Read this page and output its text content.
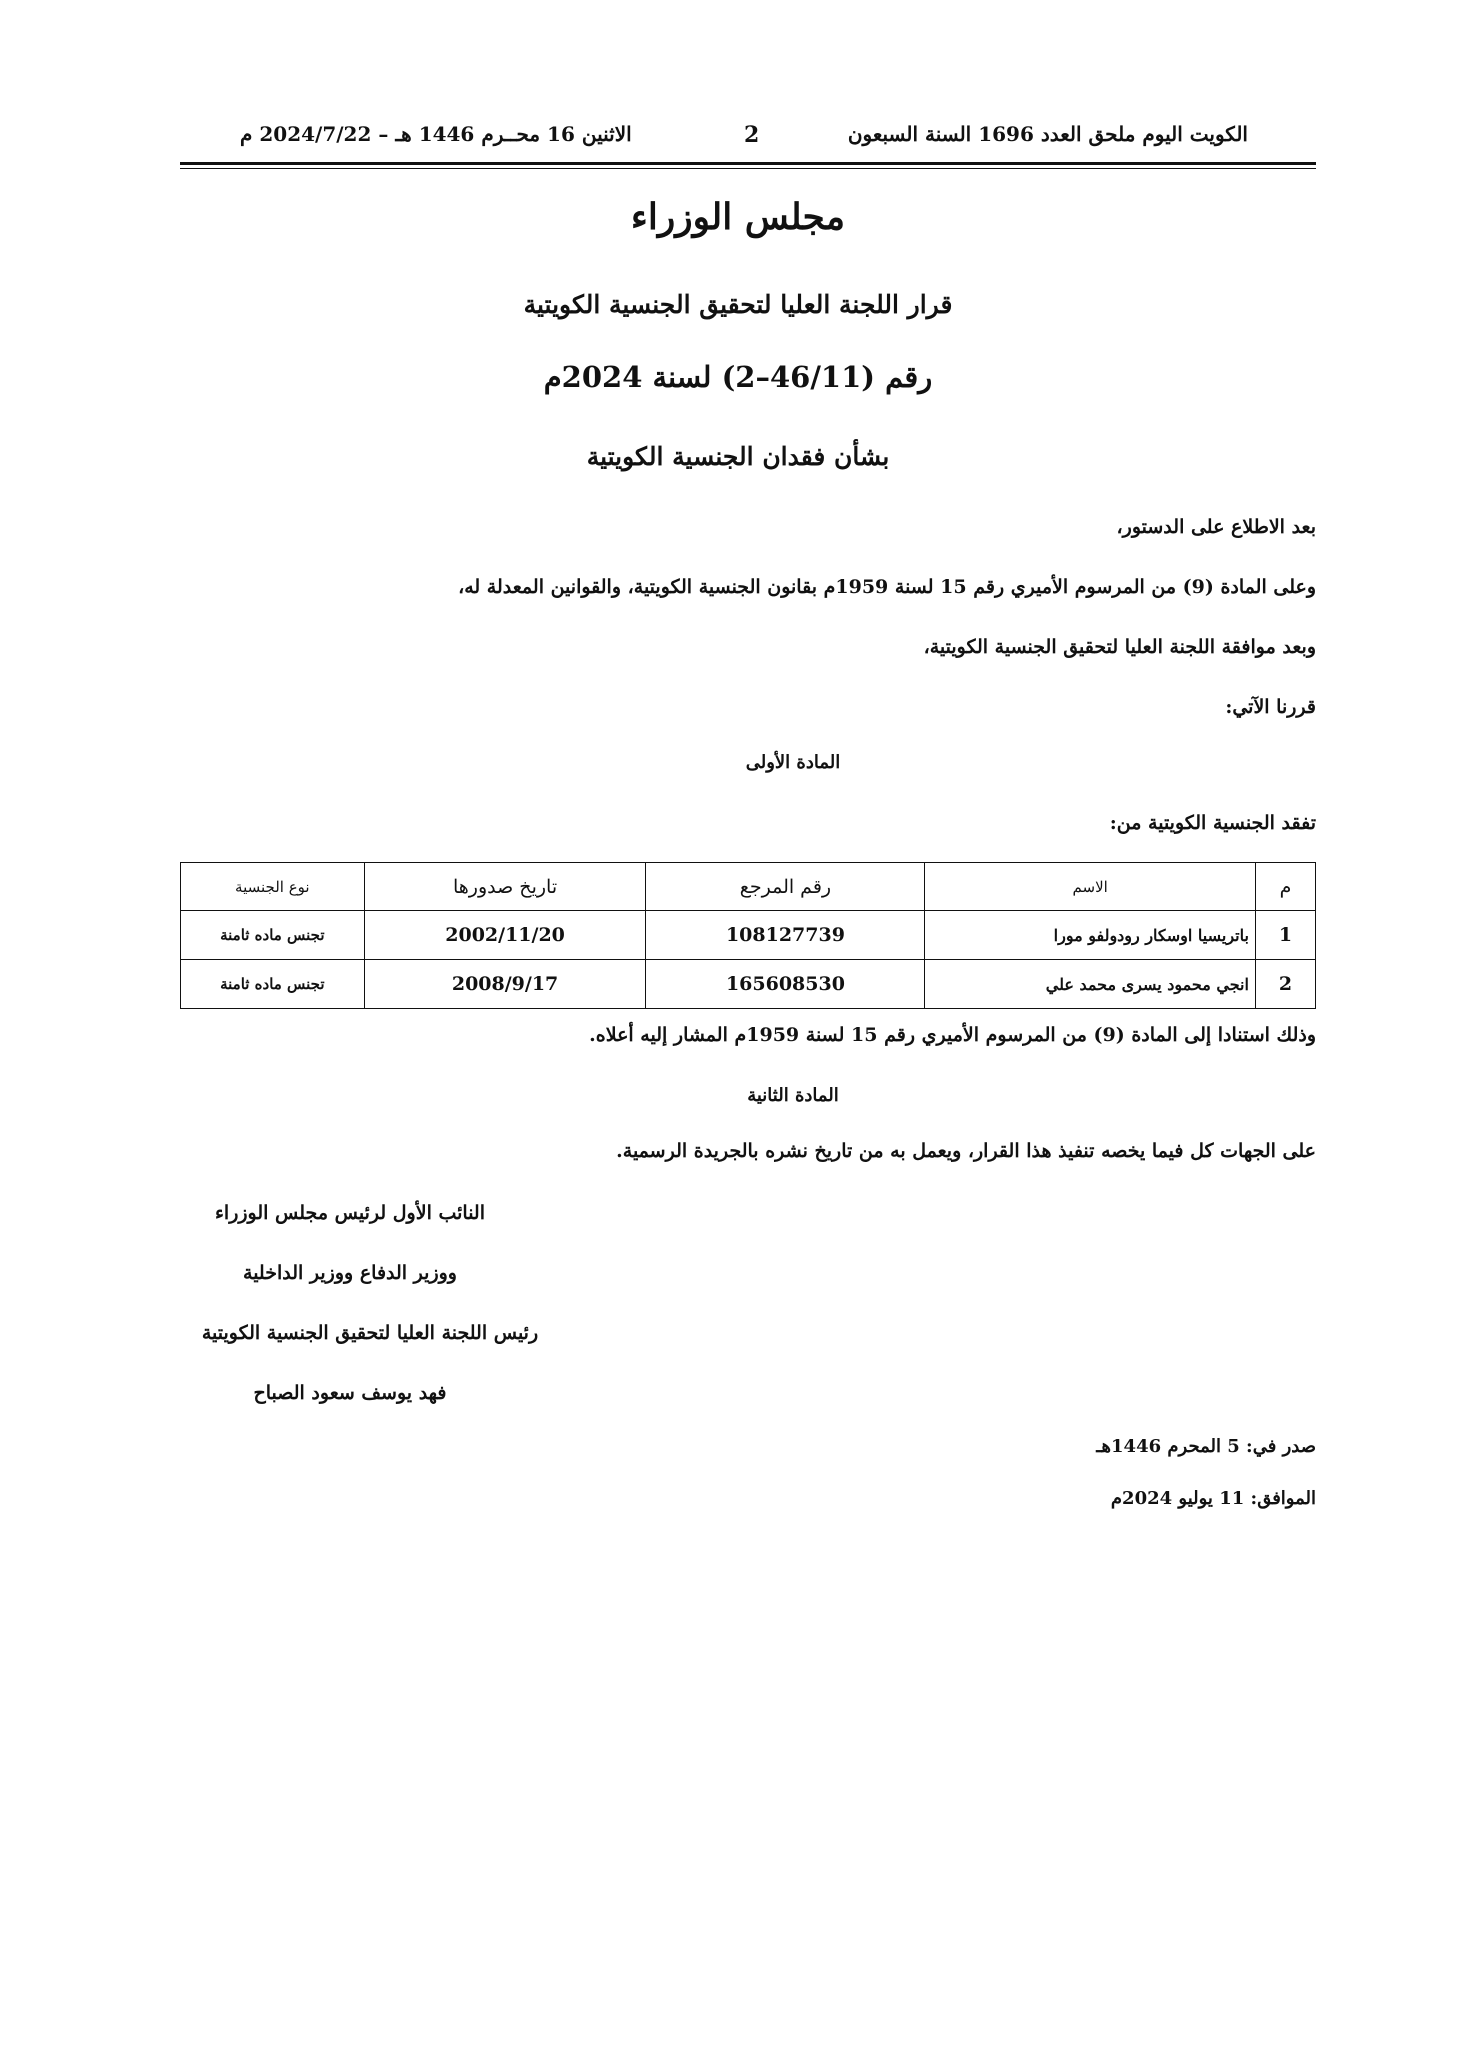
الكويت اليوم ملحق العدد 1696 السنة السبعون
2
الاثنين 16 محــرم 1446 هـ – 2024/7/22 م
مجلس الوزراء
قرار اللجنة العليا لتحقيق الجنسية الكويتية
رقم (46/11–2) لسنة 2024م
بشأن فقدان الجنسية الكويتية
بعد الاطلاع على الدستور،
وعلى المادة (9) من المرسوم الأميري رقم 15 لسنة 1959م بقانون الجنسية الكويتية، والقوانين المعدلة له،
وبعد موافقة اللجنة العليا لتحقيق الجنسية الكويتية،
قررنا الآتي:
المادة الأولى
تفقد الجنسية الكويتية من:
م	الاسم	رقم المرجع	تاريخ صدورها	نوع الجنسية
1	باتريسيا اوسكار رودولفو مورا	108127739	2002/11/20	تجنس ماده ثامنة
2	انجي محمود يسرى محمد علي	165608530	2008/9/17	تجنس ماده ثامنة
وذلك استنادا إلى المادة (9) من المرسوم الأميري رقم 15 لسنة 1959م المشار إليه أعلاه.
المادة الثانية
على الجهات كل فيما يخصه تنفيذ هذا القرار، ويعمل به من تاريخ نشره بالجريدة الرسمية.
النائب الأول لرئيس مجلس الوزراء
ووزير الدفاع ووزير الداخلية
رئيس اللجنة العليا لتحقيق الجنسية الكويتية
فهد يوسف سعود الصباح
صدر في: 5 المحرم 1446هـ
الموافق: 11 يوليو 2024م
